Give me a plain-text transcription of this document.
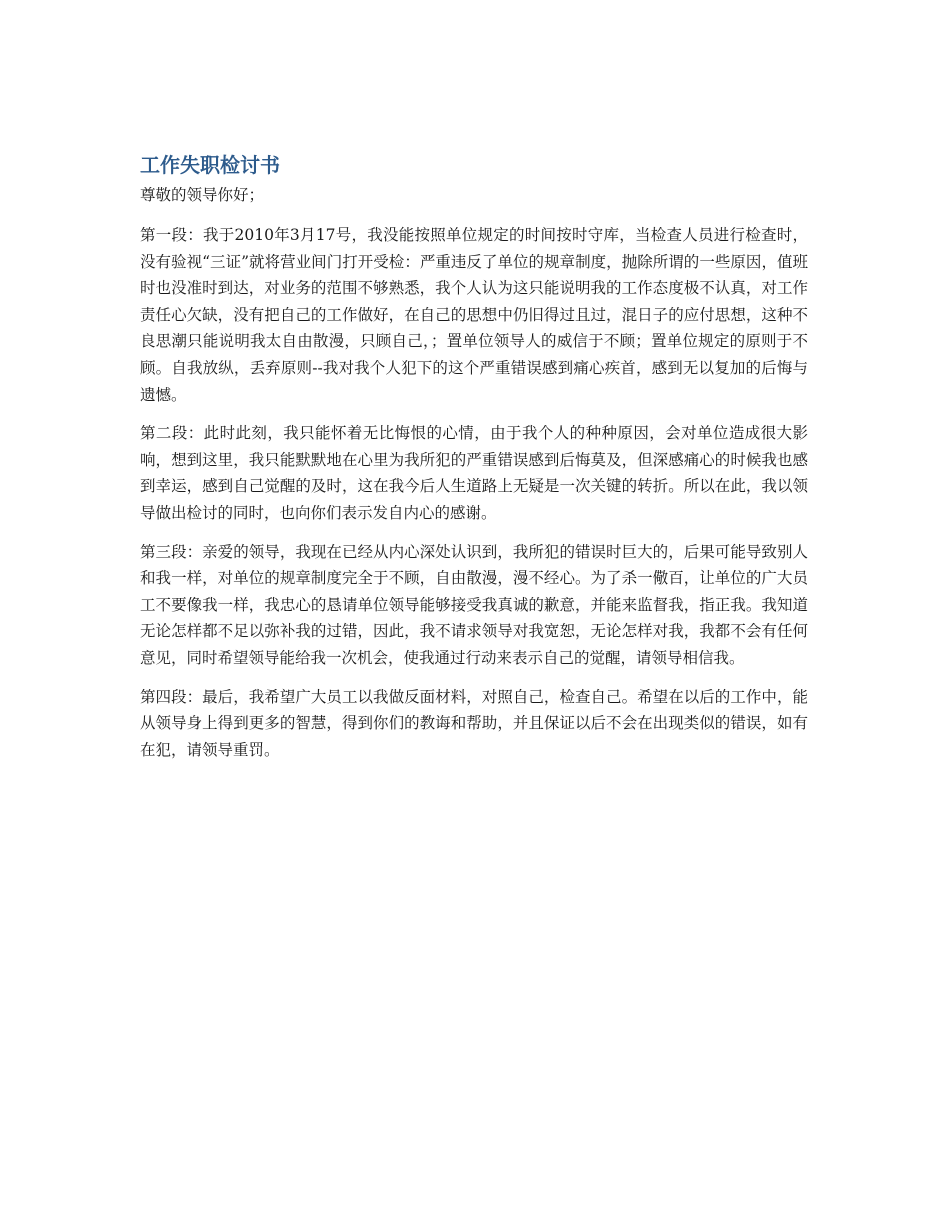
工作失职检讨书

尊敬的领导你好；

第一段：我于2010年3月17号，我没能按照单位规定的时间按时守库，当检查人员进行检查时，没有验视“三证”就将营业间门打开受检：严重违反了单位的规章制度，抛除所谓的一些原因，值班时也没准时到达，对业务的范围不够熟悉，我个人认为这只能说明我的工作态度极不认真，对工作责任心欠缺，没有把自己的工作做好，在自己的思想中仍旧得过且过，混日子的应付思想，这种不良思潮只能说明我太自由散漫，只顾自己，；置单位领导人的威信于不顾；置单位规定的原则于不顾。自我放纵，丢弃原则--我对我个人犯下的这个严重错误感到痛心疾首，感到无以复加的后悔与遗憾。

第二段：此时此刻，我只能怀着无比悔恨的心情，由于我个人的种种原因，会对单位造成很大影响，想到这里，我只能默默地在心里为我所犯的严重错误感到后悔莫及，但深感痛心的时候我也感到幸运，感到自己觉醒的及时，这在我今后人生道路上无疑是一次关键的转折。所以在此，我以领导做出检讨的同时，也向你们表示发自内心的感谢。

第三段：亲爱的领导，我现在已经从内心深处认识到，我所犯的错误时巨大的，后果可能导致别人和我一样，对单位的规章制度完全于不顾，自由散漫，漫不经心。为了杀一儆百，让单位的广大员工不要像我一样，我忠心的恳请单位领导能够接受我真诚的歉意，并能来监督我，指正我。我知道无论怎样都不足以弥补我的过错，因此，我不请求领导对我宽恕，无论怎样对我，我都不会有任何意见，同时希望领导能给我一次机会，使我通过行动来表示自己的觉醒，请领导相信我。

第四段：最后，我希望广大员工以我做反面材料，对照自己，检查自己。希望在以后的工作中，能从领导身上得到更多的智慧，得到你们的教诲和帮助，并且保证以后不会在出现类似的错误，如有在犯，请领导重罚。
